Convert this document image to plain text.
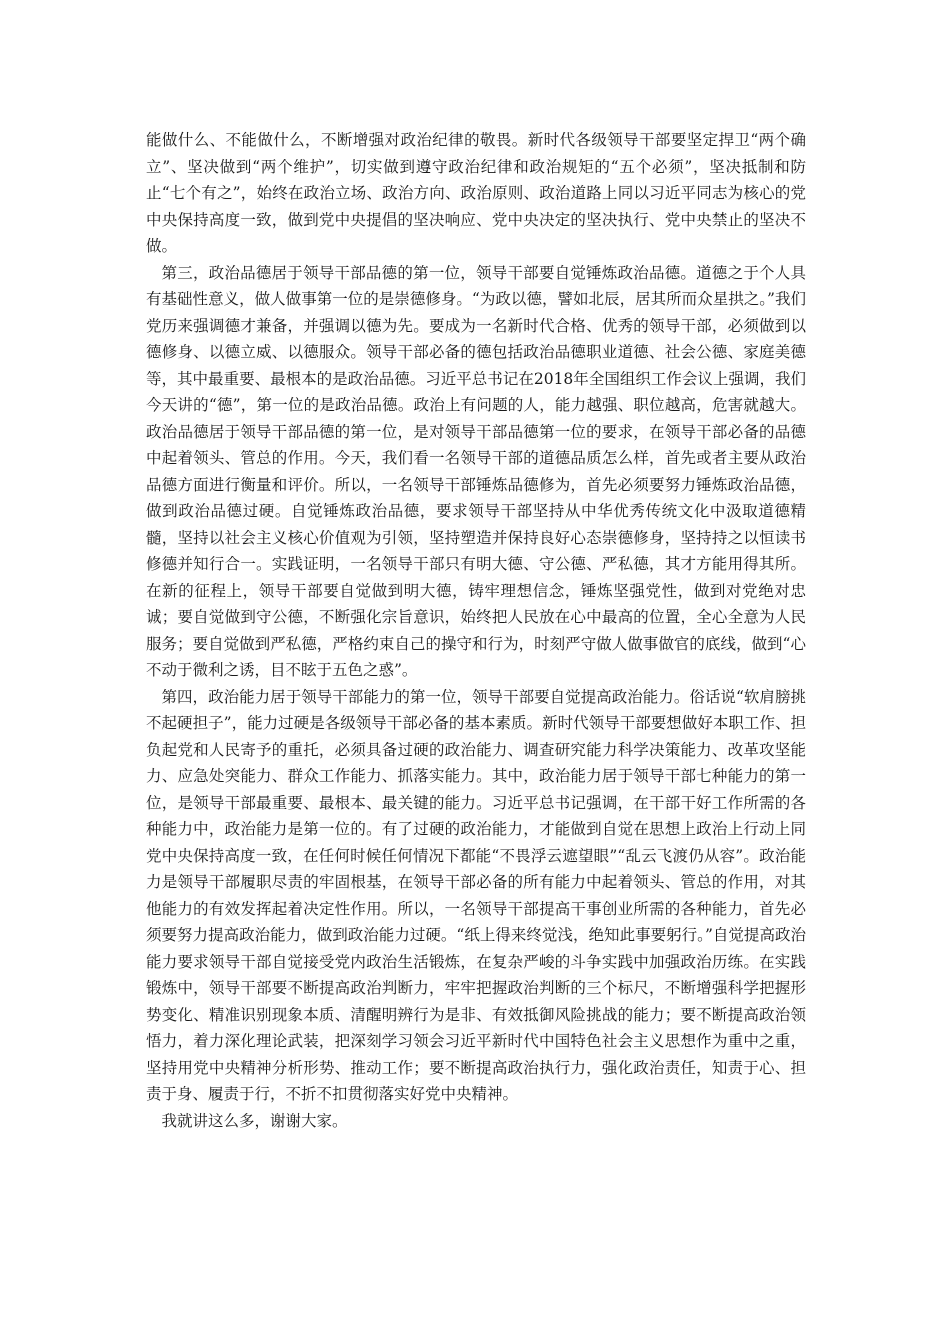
能做什么、不能做什么，不断增强对政治纪律的敬畏。新时代各级领导干部要坚定捍卫“两个确立”、坚决做到“两个维护”，切实做到遵守政治纪律和政治规矩的“五个必须”，坚决抵制和防止“七个有之”，始终在政治立场、政治方向、政治原则、政治道路上同以习近平同志为核心的党中央保持高度一致，做到党中央提倡的坚决响应、党中央决定的坚决执行、党中央禁止的坚决不做。

第三，政治品德居于领导干部品德的第一位，领导干部要自觉锤炼政治品德。道德之于个人具有基础性意义，做人做事第一位的是崇德修身。“为政以德，譬如北辰，居其所而众星拱之。”我们党历来强调德才兼备，并强调以德为先。要成为一名新时代合格、优秀的领导干部，必须做到以德修身、以德立威、以德服众。领导干部必备的德包括政治品德职业道德、社会公德、家庭美德等，其中最重要、最根本的是政治品德。习近平总书记在2018年全国组织工作会议上强调，我们今天讲的“德”，第一位的是政治品德。政治上有问题的人，能力越强、职位越高，危害就越大。政治品德居于领导干部品德的第一位，是对领导干部品德第一位的要求，在领导干部必备的品德中起着领头、管总的作用。今天，我们看一名领导干部的道德品质怎么样，首先或者主要从政治品德方面进行衡量和评价。所以，一名领导干部锤炼品德修为，首先必须要努力锤炼政治品德，做到政治品德过硬。自觉锤炼政治品德，要求领导干部坚持从中华优秀传统文化中汲取道德精髓，坚持以社会主义核心价值观为引领，坚持塑造并保持良好心态崇德修身，坚持持之以恒读书修德并知行合一。实践证明，一名领导干部只有明大德、守公德、严私德，其才方能用得其所。在新的征程上，领导干部要自觉做到明大德，铸牢理想信念，锤炼坚强党性，做到对党绝对忠诚；要自觉做到守公德，不断强化宗旨意识，始终把人民放在心中最高的位置，全心全意为人民服务；要自觉做到严私德，严格约束自己的操守和行为，时刻严守做人做事做官的底线，做到“心不动于微利之诱，目不眩于五色之惑”。

第四，政治能力居于领导干部能力的第一位，领导干部要自觉提高政治能力。俗话说“软肩膀挑不起硬担子”，能力过硬是各级领导干部必备的基本素质。新时代领导干部要想做好本职工作、担负起党和人民寄予的重托，必须具备过硬的政治能力、调查研究能力科学决策能力、改革攻坚能力、应急处突能力、群众工作能力、抓落实能力。其中，政治能力居于领导干部七种能力的第一位，是领导干部最重要、最根本、最关键的能力。习近平总书记强调，在干部干好工作所需的各种能力中，政治能力是第一位的。有了过硬的政治能力，才能做到自觉在思想上政治上行动上同党中央保持高度一致，在任何时候任何情况下都能“不畏浮云遮望眼”“乱云飞渡仍从容”。政治能力是领导干部履职尽责的牢固根基，在领导干部必备的所有能力中起着领头、管总的作用，对其他能力的有效发挥起着决定性作用。所以，一名领导干部提高干事创业所需的各种能力，首先必须要努力提高政治能力，做到政治能力过硬。“纸上得来终觉浅，绝知此事要躬行。”自觉提高政治能力要求领导干部自觉接受党内政治生活锻炼，在复杂严峻的斗争实践中加强政治历练。在实践锻炼中，领导干部要不断提高政治判断力，牢牢把握政治判断的三个标尺，不断增强科学把握形势变化、精准识别现象本质、清醒明辨行为是非、有效抵御风险挑战的能力；要不断提高政治领悟力，着力深化理论武装，把深刻学习领会习近平新时代中国特色社会主义思想作为重中之重，坚持用党中央精神分析形势、推动工作；要不断提高政治执行力，强化政治责任，知责于心、担责于身、履责于行，不折不扣贯彻落实好党中央精神。

我就讲这么多，谢谢大家。
